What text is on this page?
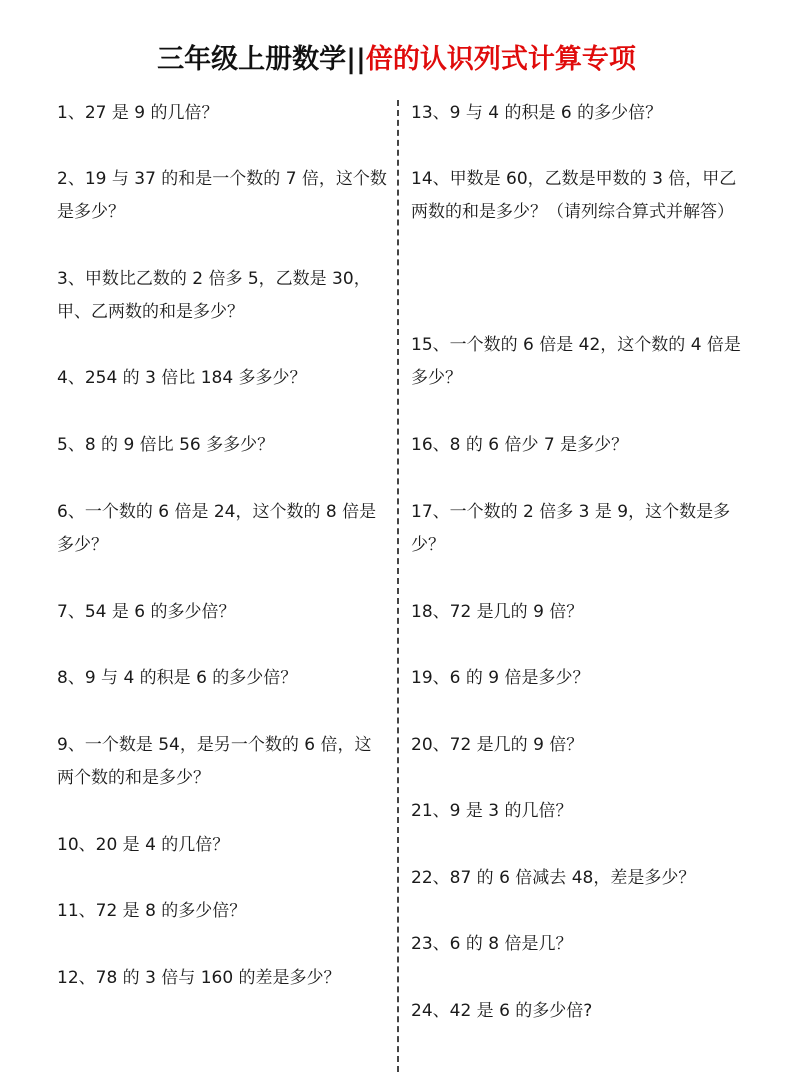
三年级上册数学||倍的认识列式计算专项

1、27 是 9 的几倍？

2、19 与 37 的和是一个数的 7 倍，这个数是多少？

3、甲数比乙数的 2 倍多 5，乙数是 30，甲、乙两数的和是多少？

4、254 的 3 倍比 184 多多少？

5、8 的 9 倍比 56 多多少？

6、一个数的 6 倍是 24，这个数的 8 倍是多少？

7、54 是 6 的多少倍？

8、9 与 4 的积是 6 的多少倍？

9、一个数是 54，是另一个数的 6 倍，这两个数的和是多少？

10、20 是 4 的几倍？

11、72 是 8 的多少倍？

12、78 的 3 倍与 160 的差是多少？

13、9 与 4 的积是 6 的多少倍？

14、甲数是 60，乙数是甲数的 3 倍，甲乙两数的和是多少？（请列综合算式并解答）

15、一个数的 6 倍是 42，这个数的 4 倍是多少？

16、8 的 6 倍少 7 是多少？

17、一个数的 2 倍多 3 是 9，这个数是多少？

18、72 是几的 9 倍？

19、6 的 9 倍是多少？

20、72 是几的 9 倍？

21、9 是 3 的几倍？

22、87 的 6 倍减去 48，差是多少？

23、6 的 8 倍是几？

24、42 是 6 的多少倍?
